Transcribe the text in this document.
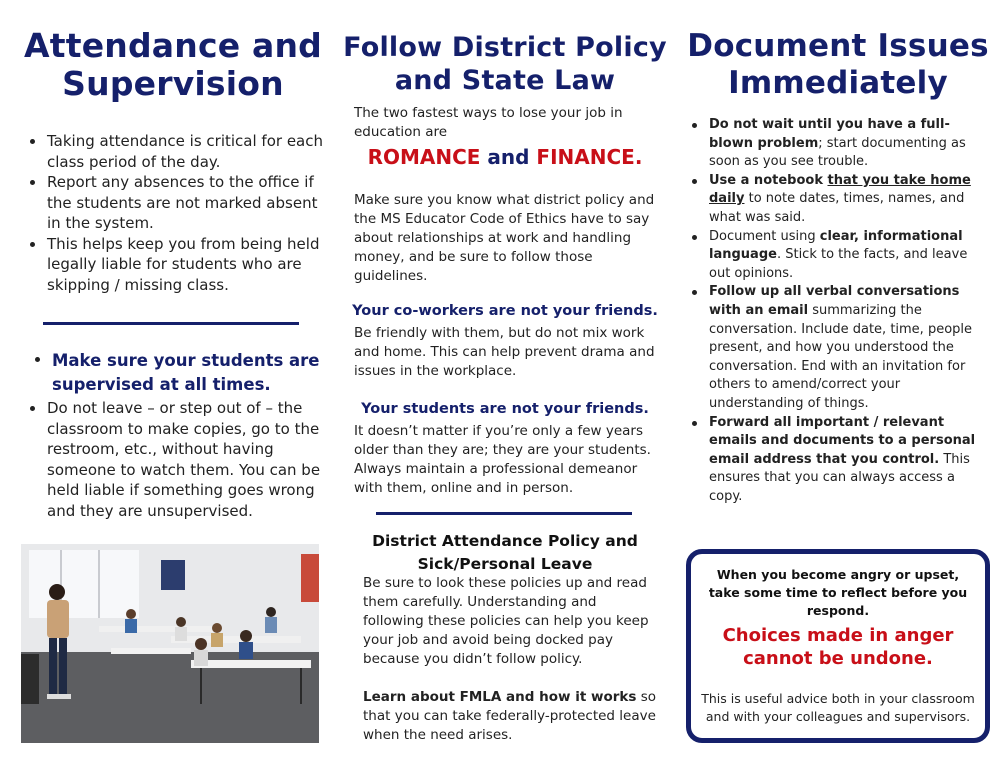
Attendance and Supervision
Taking attendance is critical for each class period of the day.
Report any absences to the office if the students are not marked absent in the system.
This helps keep you from being held legally liable for students who are skipping / missing class.
Make sure your students are supervised at all times.
Do not leave – or step out of – the classroom to make copies, go to the restroom, etc., without having someone to watch them. You can be held liable if something goes wrong and they are unsupervised.
Follow District Policy and State Law
The two fastest ways to lose your job in education are
ROMANCE and FINANCE.
Make sure you know what district policy and the MS Educator Code of Ethics have to say about relationships at work and handling money, and be sure to follow those guidelines.
Your co-workers are not your friends.
Be friendly with them, but do not mix work and home. This can help prevent drama and issues in the workplace.
Your students are not your friends.
It doesn’t matter if you’re only a few years older than they are; they are your students. Always maintain a professional demeanor with them, online and in person.
District Attendance Policy and Sick/Personal Leave
Be sure to look these policies up and read them carefully. Understanding and following these policies can help you keep your job and avoid being docked pay because you didn’t follow policy.
Learn about FMLA and how it works so that you can take federally-protected leave when the need arises.
Document Issues Immediately
Do not wait until you have a full-blown problem; start documenting as soon as you see trouble.
Use a notebook that you take home daily to note dates, times, names, and what was said.
Document using clear, informational language. Stick to the facts, and leave out opinions.
Follow up all verbal conversations with an email summarizing the conversation. Include date, time, people present, and how you understood the conversation. End with an invitation for others to amend/correct your understanding of things.
Forward all important / relevant emails and documents to a personal email address that you control. This ensures that you can always access a copy.
When you become angry or upset, take some time to reflect before you respond.
Choices made in anger cannot be undone.
This is useful advice both in your classroom and with your colleagues and supervisors.
